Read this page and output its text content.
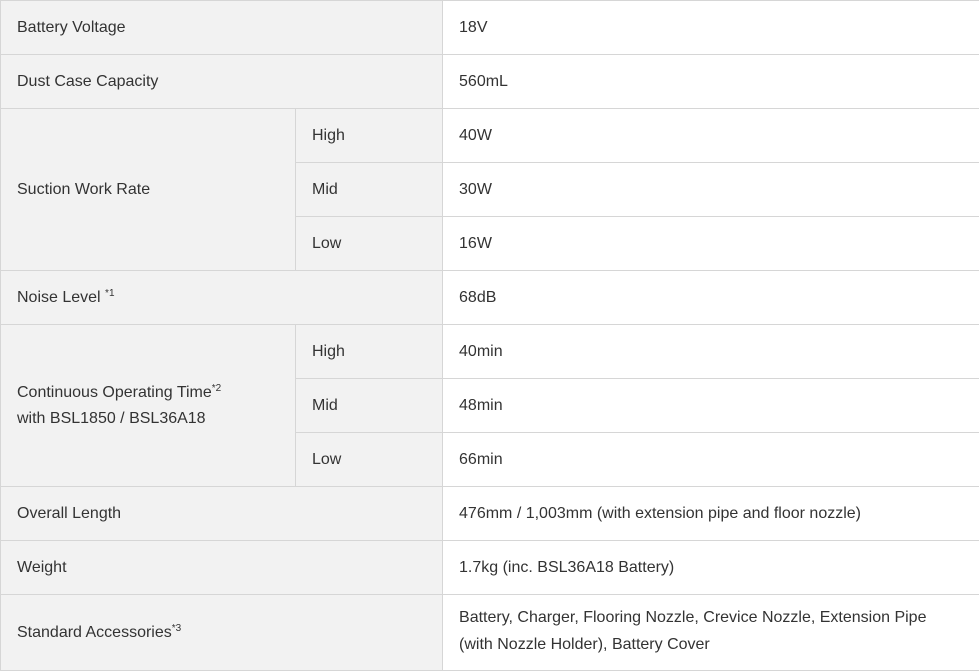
Battery Voltage		18V
Dust Case Capacity		560mL
Suction Work Rate	High	40W
	Mid	30W
	Low	16W
Noise Level $^{*1}$		68dB
Continuous Operating Time$^{*2}$
with BSL1850 / BSL36A18	High	40min
	Mid	48min
	Low	66min
Overall Length		476mm / 1,003mm (with extension pipe and floor nozzle)
Weight		1.7kg (inc. BSL36A18 Battery)
Standard Accessories$^{*3}$		Battery, Charger, Flooring Nozzle, Crevice Nozzle, Extension Pipe (with Nozzle Holder), Battery Cover
